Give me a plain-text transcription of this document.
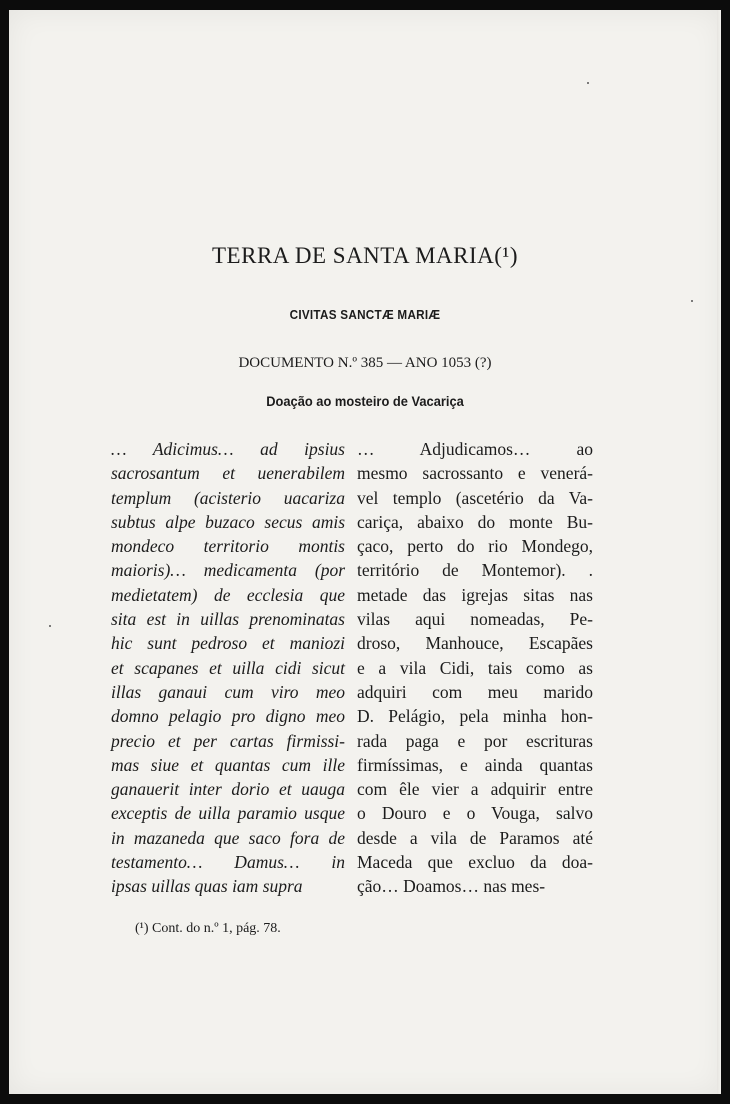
TERRA DE SANTA MARIA(¹)
CIVITAS SANCTÆ MARIÆ
DOCUMENTO N.º 385 — ANO 1053 (?)
Doação ao mosteiro de Vacariça
… Adicimus… ad ipsius
sacrosantum et uenerabilem
templum (acisterio uacariza
subtus alpe buzaco secus amis
mondeco territorio montis
maioris)… medicamenta (por
medietatem) de ecclesia que
sita est in uillas prenominatas
hic sunt pedroso et maniozi
et scapanes et uilla cidi sicut
illas ganaui cum viro meo
domno pelagio pro digno meo
precio et per cartas firmissi-
mas siue et quantas cum ille
ganauerit inter dorio et uauga
exceptis de uilla paramio usque
in mazaneda que saco fora de
testamento… Damus… in
ipsas uillas quas iam supra
… Adjudicamos… ao
mesmo sacrossanto e venerá-
vel templo (ascetério da Va-
cariça, abaixo do monte Bu-
çaco, perto do rio Mondego,
território de Montemor). .
metade das igrejas sitas nas
vilas aqui nomeadas, Pe-
droso, Manhouce, Escapães
e a vila Cidi, tais como as
adquiri com meu marido
D. Pelágio, pela minha hon-
rada paga e por escrituras
firmíssimas, e ainda quantas
com êle vier a adquirir entre
o Douro e o Vouga, salvo
desde a vila de Paramos até
Maceda que excluo da doa-
ção… Doamos… nas mes-
(¹) Cont. do n.º 1, pág. 78.
